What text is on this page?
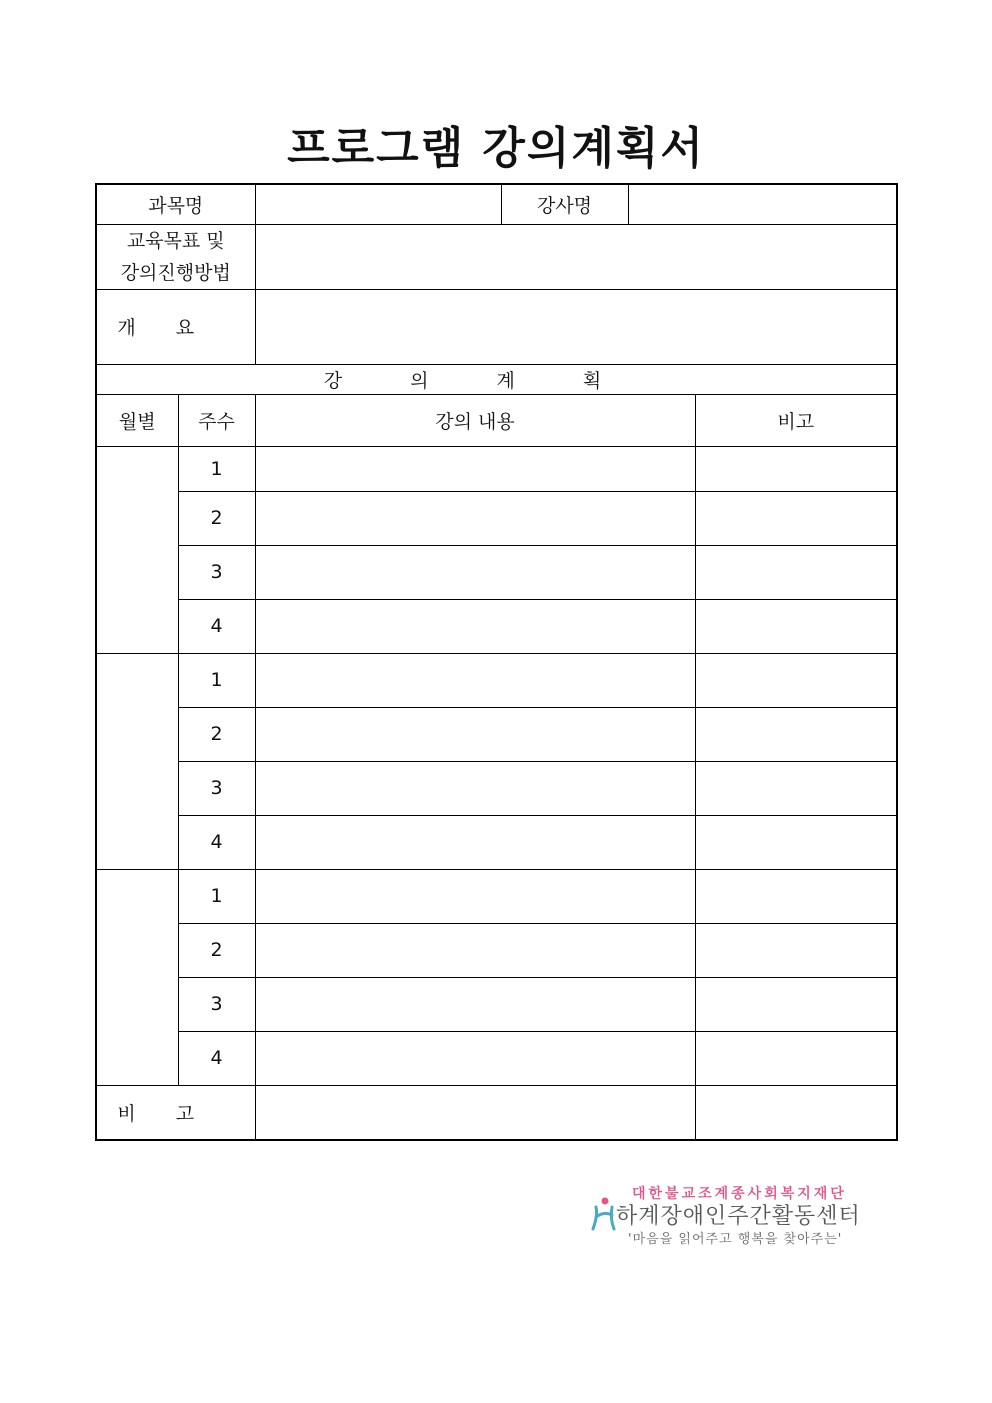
프로그램 강의계획서
과목명			강사명		

교육목표 및
강의진행방법					

개요					
강의계획					
월별	주수	강의 내용			비고
	1				
	2				
	3				
	4				
	1				
	2				
	3				
	4				
	1				
	2				
	3				
	4				
비고					
대한불교조계종사회복지재단
하계장애인주간활동센터
'마음을 읽어주고 행복을 찾아주는'
